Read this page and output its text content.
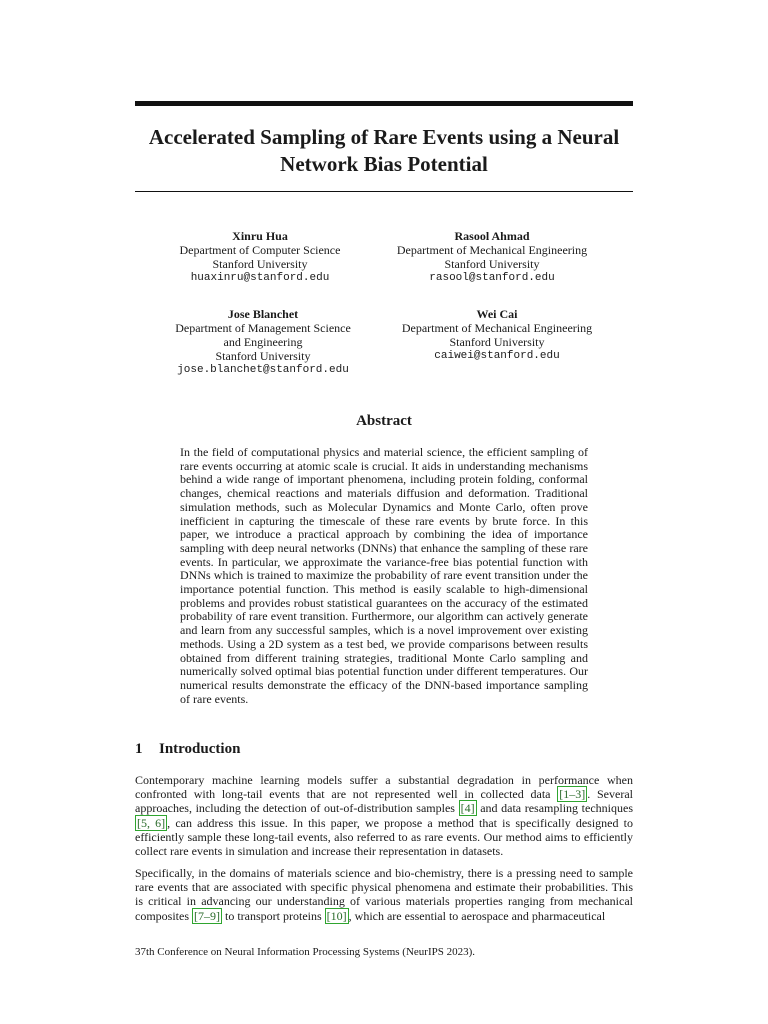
Accelerated Sampling of Rare Events using a Neural Network Bias Potential
Xinru Hua
Department of Computer Science
Stanford University
huaxinru@stanford.edu
Rasool Ahmad
Department of Mechanical Engineering
Stanford University
rasool@stanford.edu
Jose Blanchet
Department of Management Science
and Engineering
Stanford University
jose.blanchet@stanford.edu
Wei Cai
Department of Mechanical Engineering
Stanford University
caiwei@stanford.edu
Abstract
In the field of computational physics and material science, the efficient sampling of rare events occurring at atomic scale is crucial. It aids in understanding mechanisms behind a wide range of important phenomena, including protein folding, conformal changes, chemical reactions and materials diffusion and deformation. Traditional simulation methods, such as Molecular Dynamics and Monte Carlo, often prove inefficient in capturing the timescale of these rare events by brute force. In this paper, we introduce a practical approach by combining the idea of importance sampling with deep neural networks (DNNs) that enhance the sampling of these rare events. In particular, we approximate the variance-free bias potential function with DNNs which is trained to maximize the probability of rare event transition under the importance potential function. This method is easily scalable to high-dimensional problems and provides robust statistical guarantees on the accuracy of the estimated probability of rare event transition. Furthermore, our algorithm can actively generate and learn from any successful samples, which is a novel improvement over existing methods. Using a 2D system as a test bed, we provide comparisons between results obtained from different training strategies, traditional Monte Carlo sampling and numerically solved optimal bias potential function under different temperatures. Our numerical results demonstrate the efficacy of the DNN-based importance sampling of rare events.
1 Introduction
Contemporary machine learning models suffer a substantial degradation in performance when confronted with long-tail events that are not represented well in collected data [1–3] . Several approaches, including the detection of out-of-distribution samples [4] and data resampling techniques [5, 6] , can address this issue. In this paper, we propose a method that is specifically designed to efficiently sample these long-tail events, also referred to as rare events. Our method aims to efficiently collect rare events in simulation and increase their representation in datasets.
Specifically, in the domains of materials science and bio-chemistry, there is a pressing need to sample rare events that are associated with specific physical phenomena and estimate their probabilities. This is critical in advancing our understanding of various materials properties ranging from mechanical composites [7–9] to transport proteins [10] , which are essential to aerospace and pharmaceutical
37th Conference on Neural Information Processing Systems (NeurIPS 2023).
